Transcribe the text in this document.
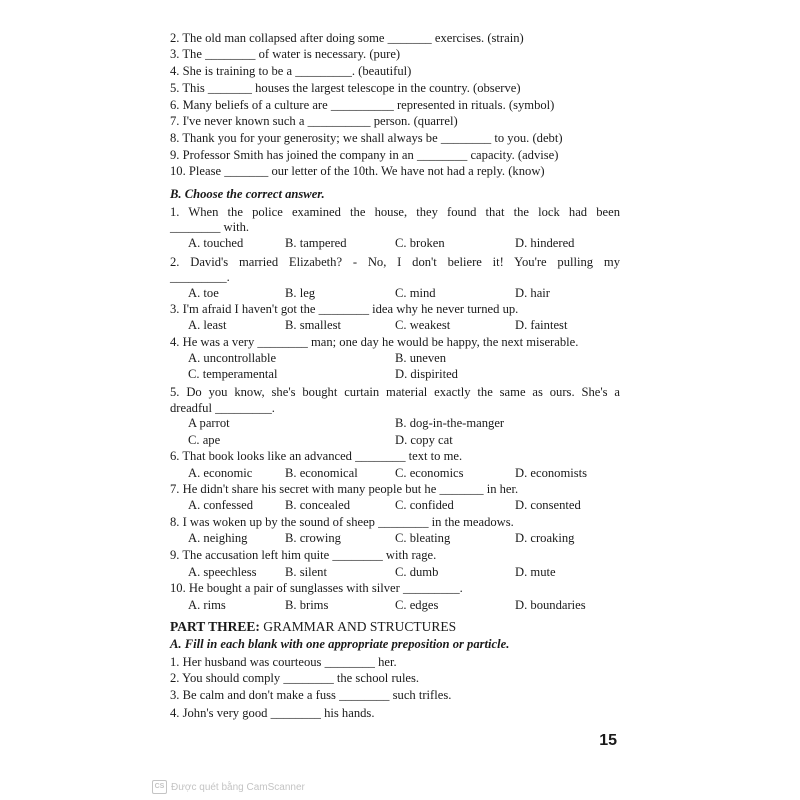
2. The old man collapsed after doing some _______ exercises. (strain)
3. The ________ of water is necessary. (pure)
4. She is training to be a _________. (beautiful)
5. This _______ houses the largest telescope in the country. (observe)
6. Many beliefs of a culture are __________ represented in rituals. (symbol)
7. I've never known such a __________ person. (quarrel)
8. Thank you for your generosity; we shall always be ________ to you. (debt)
9. Professor Smith has joined the company in an ________ capacity. (advise)
10. Please _______ our letter of the 10th. We have not had a reply. (know)
B. Choose the correct answer.
1. When the police examined the house, they found that the lock had been
________ with.
A. touched	B. tampered	C. broken	D. hindered
2. David's married Elizabeth? - No, I don't beliere it! You're pulling my
_________.
A. toe	B. leg	C. mind	D. hair
3. I'm afraid I haven't got the ________ idea why he never turned up.
A. least	B. smallest	C. weakest	D. faintest
4. He was a very ________ man; one day he would be happy, the next miserable.
A. uncontrollable	B. uneven
C. temperamental	D. dispirited
5. Do you know, she's bought curtain material exactly the same as ours. She's a
dreadful _________.
A parrot	B. dog-in-the-manger
C. ape	D. copy cat
6. That book looks like an advanced ________ text to me.
A. economic	B. economical	C. economics	D. economists
7. He didn't share his secret with many people but he _______ in her.
A. confessed	B. concealed	C. confided	D. consented
8. I was woken up by the sound of sheep ________ in the meadows.
A. neighing	B. crowing	C. bleating	D. croaking
9. The accusation left him quite ________ with rage.
A. speechless B. silent	C. dumb	D. mute
10. He bought a pair of sunglasses with silver _________.
A. rims	B. brims	C. edges	D. boundaries
PART THREE: GRAMMAR AND STRUCTURES
A. Fill in each blank with one appropriate preposition or particle.
1. Her husband was courteous ________ her.
2. You should comply ________ the school rules.
3. Be calm and don't make a fuss ________ such trifles.
4. John's very good ________ his hands.
15
CS Được quét bằng CamScanner
